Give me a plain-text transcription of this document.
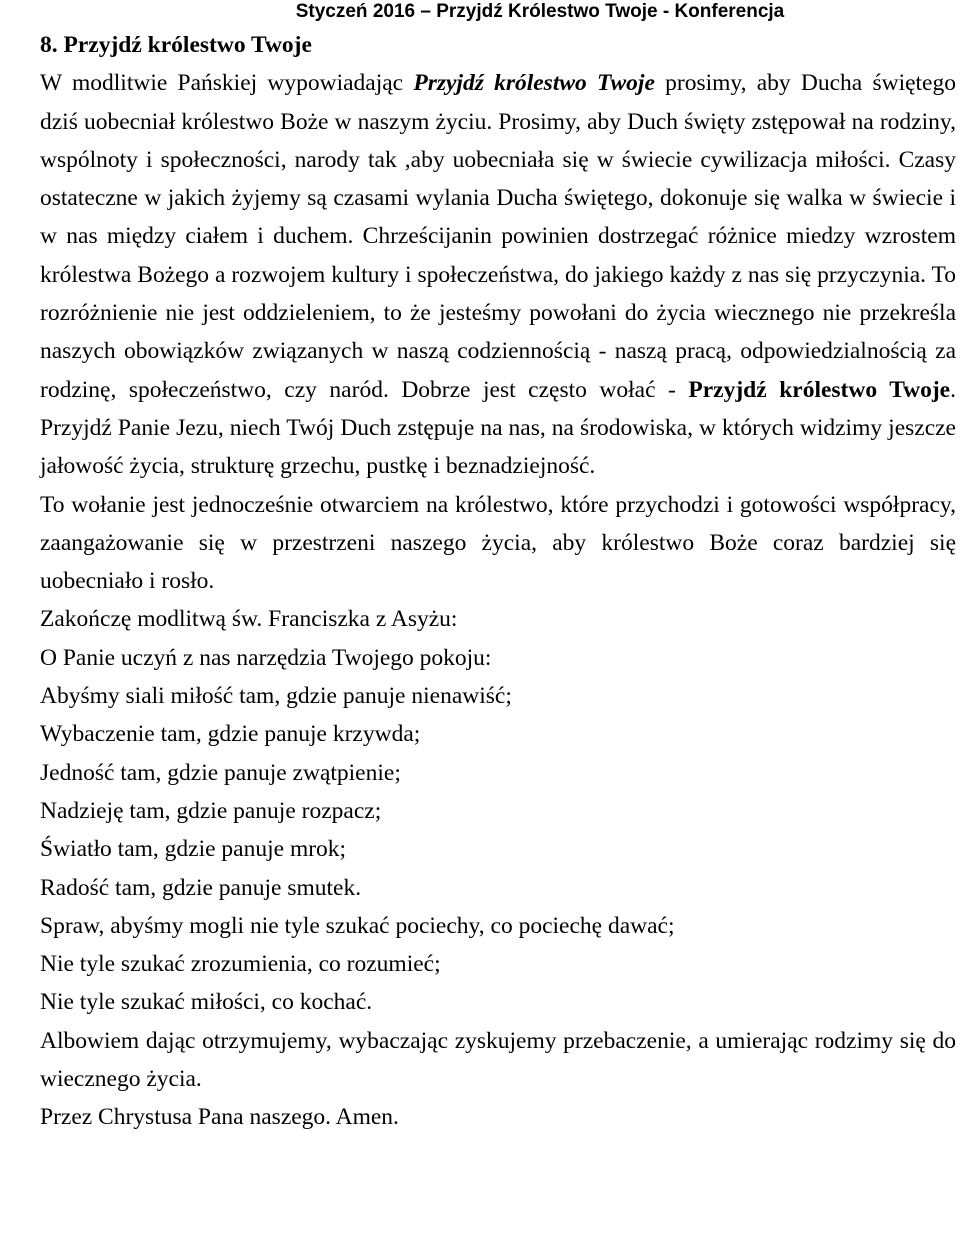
Styczeń 2016 – Przyjdź Królestwo Twoje - Konferencja

8. Przyjdź królestwo Twoje

W modlitwie Pańskiej wypowiadając Przyjdź królestwo Twoje prosimy, aby Ducha świętego dziś uobecniał królestwo Boże w naszym życiu. Prosimy, aby Duch święty zstępował na rodziny, wspólnoty i społeczności, narody tak ,aby uobecniała się w świecie cywilizacja miłości. Czasy ostateczne w jakich żyjemy są czasami wylania Ducha świętego, dokonuje się walka w świecie i w nas między ciałem i duchem. Chrześcijanin powinien dostrzegać różnice miedzy wzrostem królestwa Bożego a rozwojem kultury i społeczeństwa, do jakiego każdy z nas się przyczynia. To rozróżnienie nie jest oddzieleniem, to że jesteśmy powołani do życia wiecznego nie przekreśla naszych obowiązków związanych w naszą codziennością - naszą pracą, odpowiedzialnością za rodzinę, społeczeństwo, czy naród. Dobrze jest często wołać - Przyjdź królestwo Twoje. Przyjdź Panie Jezu, niech Twój Duch zstępuje na nas, na środowiska, w których widzimy jeszcze jałowość życia, strukturę grzechu, pustkę i beznadziejność.

To wołanie jest jednocześnie otwarciem na królestwo, które przychodzi i gotowości współpracy, zaangażowanie się w przestrzeni naszego życia, aby królestwo Boże coraz bardziej się uobecniało i rosło.

Zakończę modlitwą św. Franciszka z Asyżu:

O Panie uczyń z nas narzędzia Twojego pokoju:

Abyśmy siali miłość tam, gdzie panuje nienawiść;

Wybaczenie tam, gdzie panuje krzywda;

Jedność tam, gdzie panuje zwątpienie;

Nadzieję tam, gdzie panuje rozpacz;

Światło tam, gdzie panuje mrok;

Radość tam, gdzie panuje smutek.

Spraw, abyśmy mogli nie tyle szukać pociechy, co pociechę dawać;

Nie tyle szukać zrozumienia, co rozumieć;

Nie tyle szukać miłości, co kochać.

Albowiem dając otrzymujemy, wybaczając zyskujemy przebaczenie, a umierając rodzimy się do wiecznego życia.

Przez Chrystusa Pana naszego. Amen.
